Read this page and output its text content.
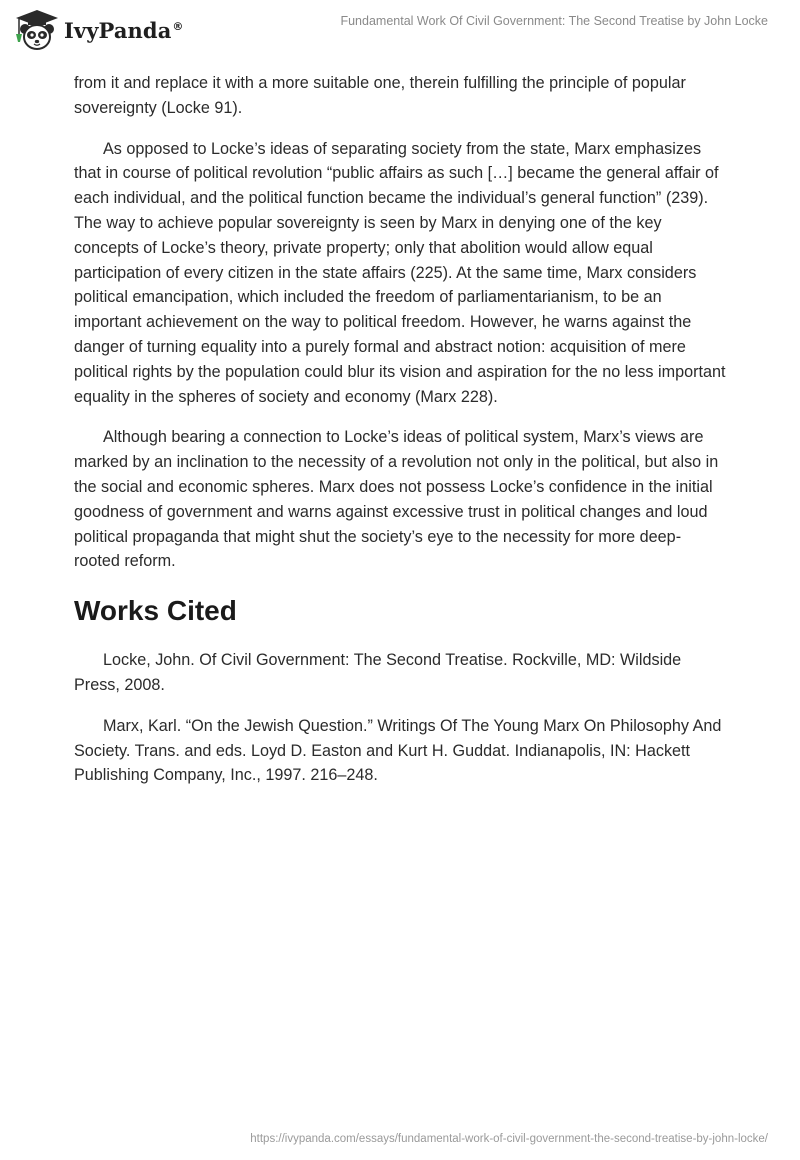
IvyPanda®	Fundamental Work Of Civil Government: The Second Treatise by John Locke

from it and replace it with a more suitable one, therein fulfilling the principle of popular sovereignty (Locke 91).

As opposed to Locke’s ideas of separating society from the state, Marx emphasizes that in course of political revolution “public affairs as such […] became the general affair of each individual, and the political function became the individual’s general function” (239). The way to achieve popular sovereignty is seen by Marx in denying one of the key concepts of Locke’s theory, private property; only that abolition would allow equal participation of every citizen in the state affairs (225). At the same time, Marx considers political emancipation, which included the freedom of parliamentarianism, to be an important achievement on the way to political freedom. However, he warns against the danger of turning equality into a purely formal and abstract notion: acquisition of mere political rights by the population could blur its vision and aspiration for the no less important equality in the spheres of society and economy (Marx 228).

Although bearing a connection to Locke’s ideas of political system, Marx’s views are marked by an inclination to the necessity of a revolution not only in the political, but also in the social and economic spheres. Marx does not possess Locke’s confidence in the initial goodness of government and warns against excessive trust in political changes and loud political propaganda that might shut the society’s eye to the necessity for more deep-rooted reform.

Works Cited

Locke, John. Of Civil Government: The Second Treatise. Rockville, MD: Wildside Press, 2008.

Marx, Karl. “On the Jewish Question.” Writings Of The Young Marx On Philosophy And Society. Trans. and eds. Loyd D. Easton and Kurt H. Guddat. Indianapolis, IN: Hackett Publishing Company, Inc., 1997. 216–248.

https://ivypanda.com/essays/fundamental-work-of-civil-government-the-second-treatise-by-john-locke/
